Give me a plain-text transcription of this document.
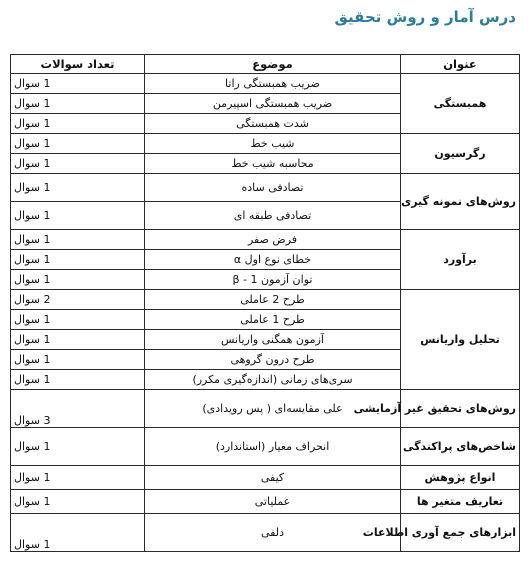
درس آمار و روش تحقیق
عنوان	موضوع	تعداد سوالات
همبستگی	ضریب همبستگی راتا	1 سوال
	ضریب همبستگی اسپیرمن	1 سوال
	شدت همبستگی	1 سوال
رگرسیون	شیب خط	1 سوال
	محاسبه شیب خط	1 سوال
روش‌های نمونه گیری	تصادفی ساده	1 سوال
	تصادفی طبقه ای	1 سوال
برآورد	فرض صفر	1 سوال
	خطای نوع اول α	1 سوال
	توان آزمون 1 - β	1 سوال
تحلیل واریانس	طرح 2 عاملی	2 سوال
	طرح 1 عاملی	1 سوال
	آزمون همگنی واریانس	1 سوال
	طرح درون گروهی	1 سوال
	سری‌های زمانی (اندازه‌گیری مکرر)	1 سوال
روش‌های تحقیق غیر آزمایشی	علی مقایسه‌ای ( پس رویدادی)	3 سوال
شاخص‌های پراکندگی	انحراف معیار (استاندارد)	1 سوال
انواع پژوهش	کیفی	1 سوال
تعاریف متغیر ها	عملیاتی	1 سوال
ابزارهای جمع آوری اطلاعات	دلفی	1 سوال
